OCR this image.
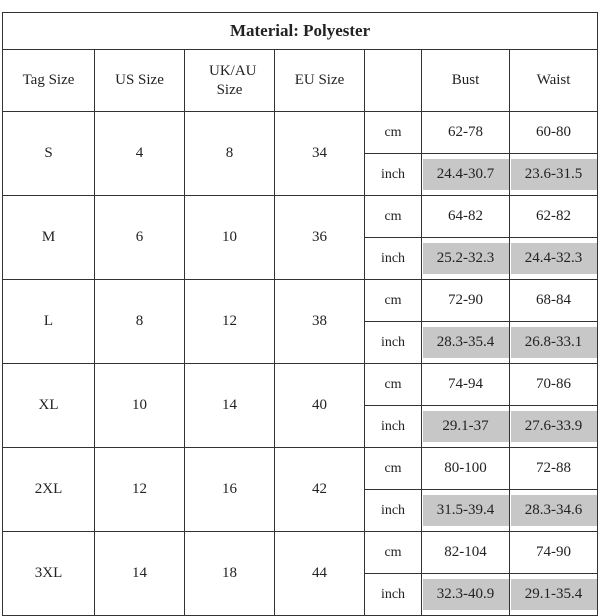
Material: Polyester						
Tag Size	US Size	UK/AU Size	EU Size		Bust	Waist
S	4	8	34	cm	62-78	60-80
				inch	24.4-30.7	23.6-31.5
M	6	10	36	cm	64-82	62-82
				inch	25.2-32.3	24.4-32.3
L	8	12	38	cm	72-90	68-84
				inch	28.3-35.4	26.8-33.1
XL	10	14	40	cm	74-94	70-86
				inch	29.1-37	27.6-33.9
2XL	12	16	42	cm	80-100	72-88
				inch	31.5-39.4	28.3-34.6
3XL	14	18	44	cm	82-104	74-90
				inch	32.3-40.9	29.1-35.4
